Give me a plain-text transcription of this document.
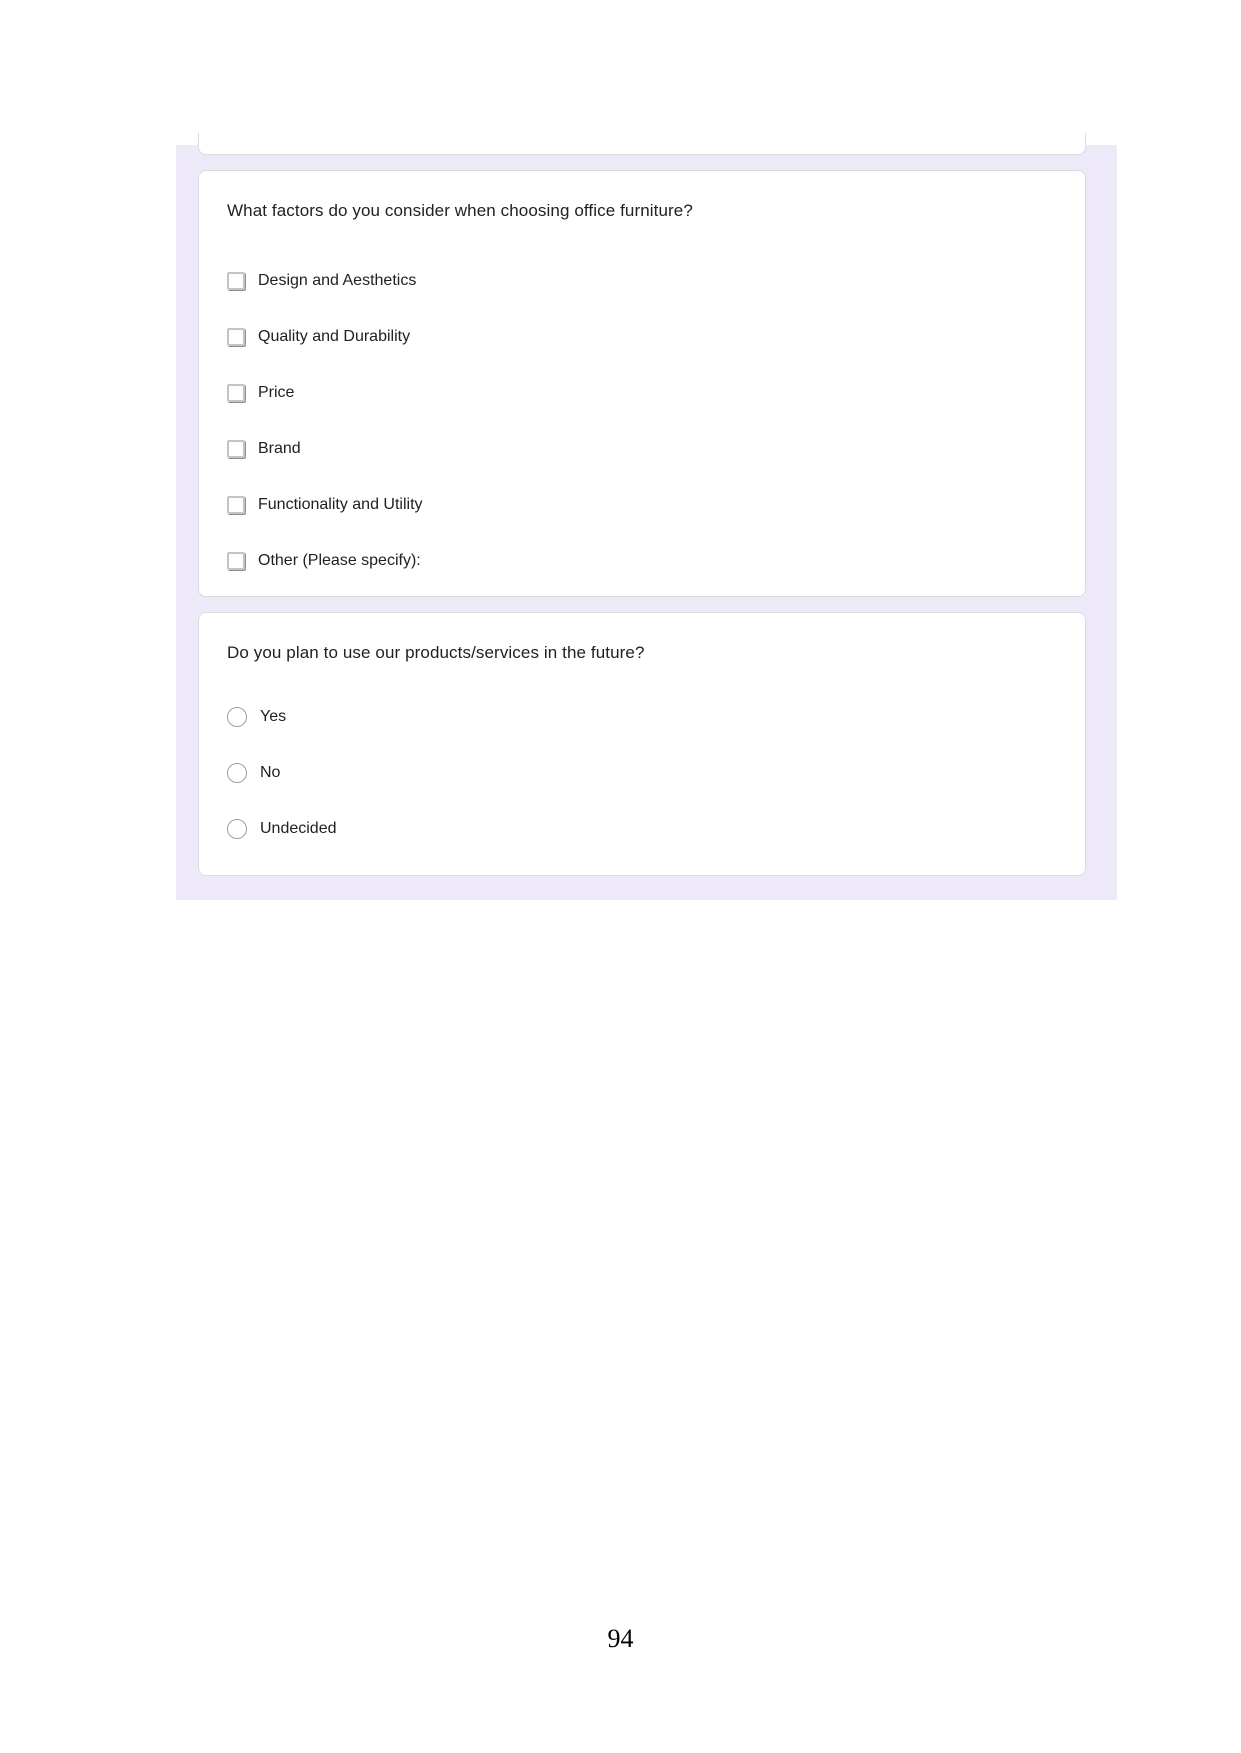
What factors do you consider when choosing office furniture?
Design and Aesthetics
Quality and Durability
Price
Brand
Functionality and Utility
Other (Please specify):
Do you plan to use our products/services in the future?
Yes
No
Undecided
94
